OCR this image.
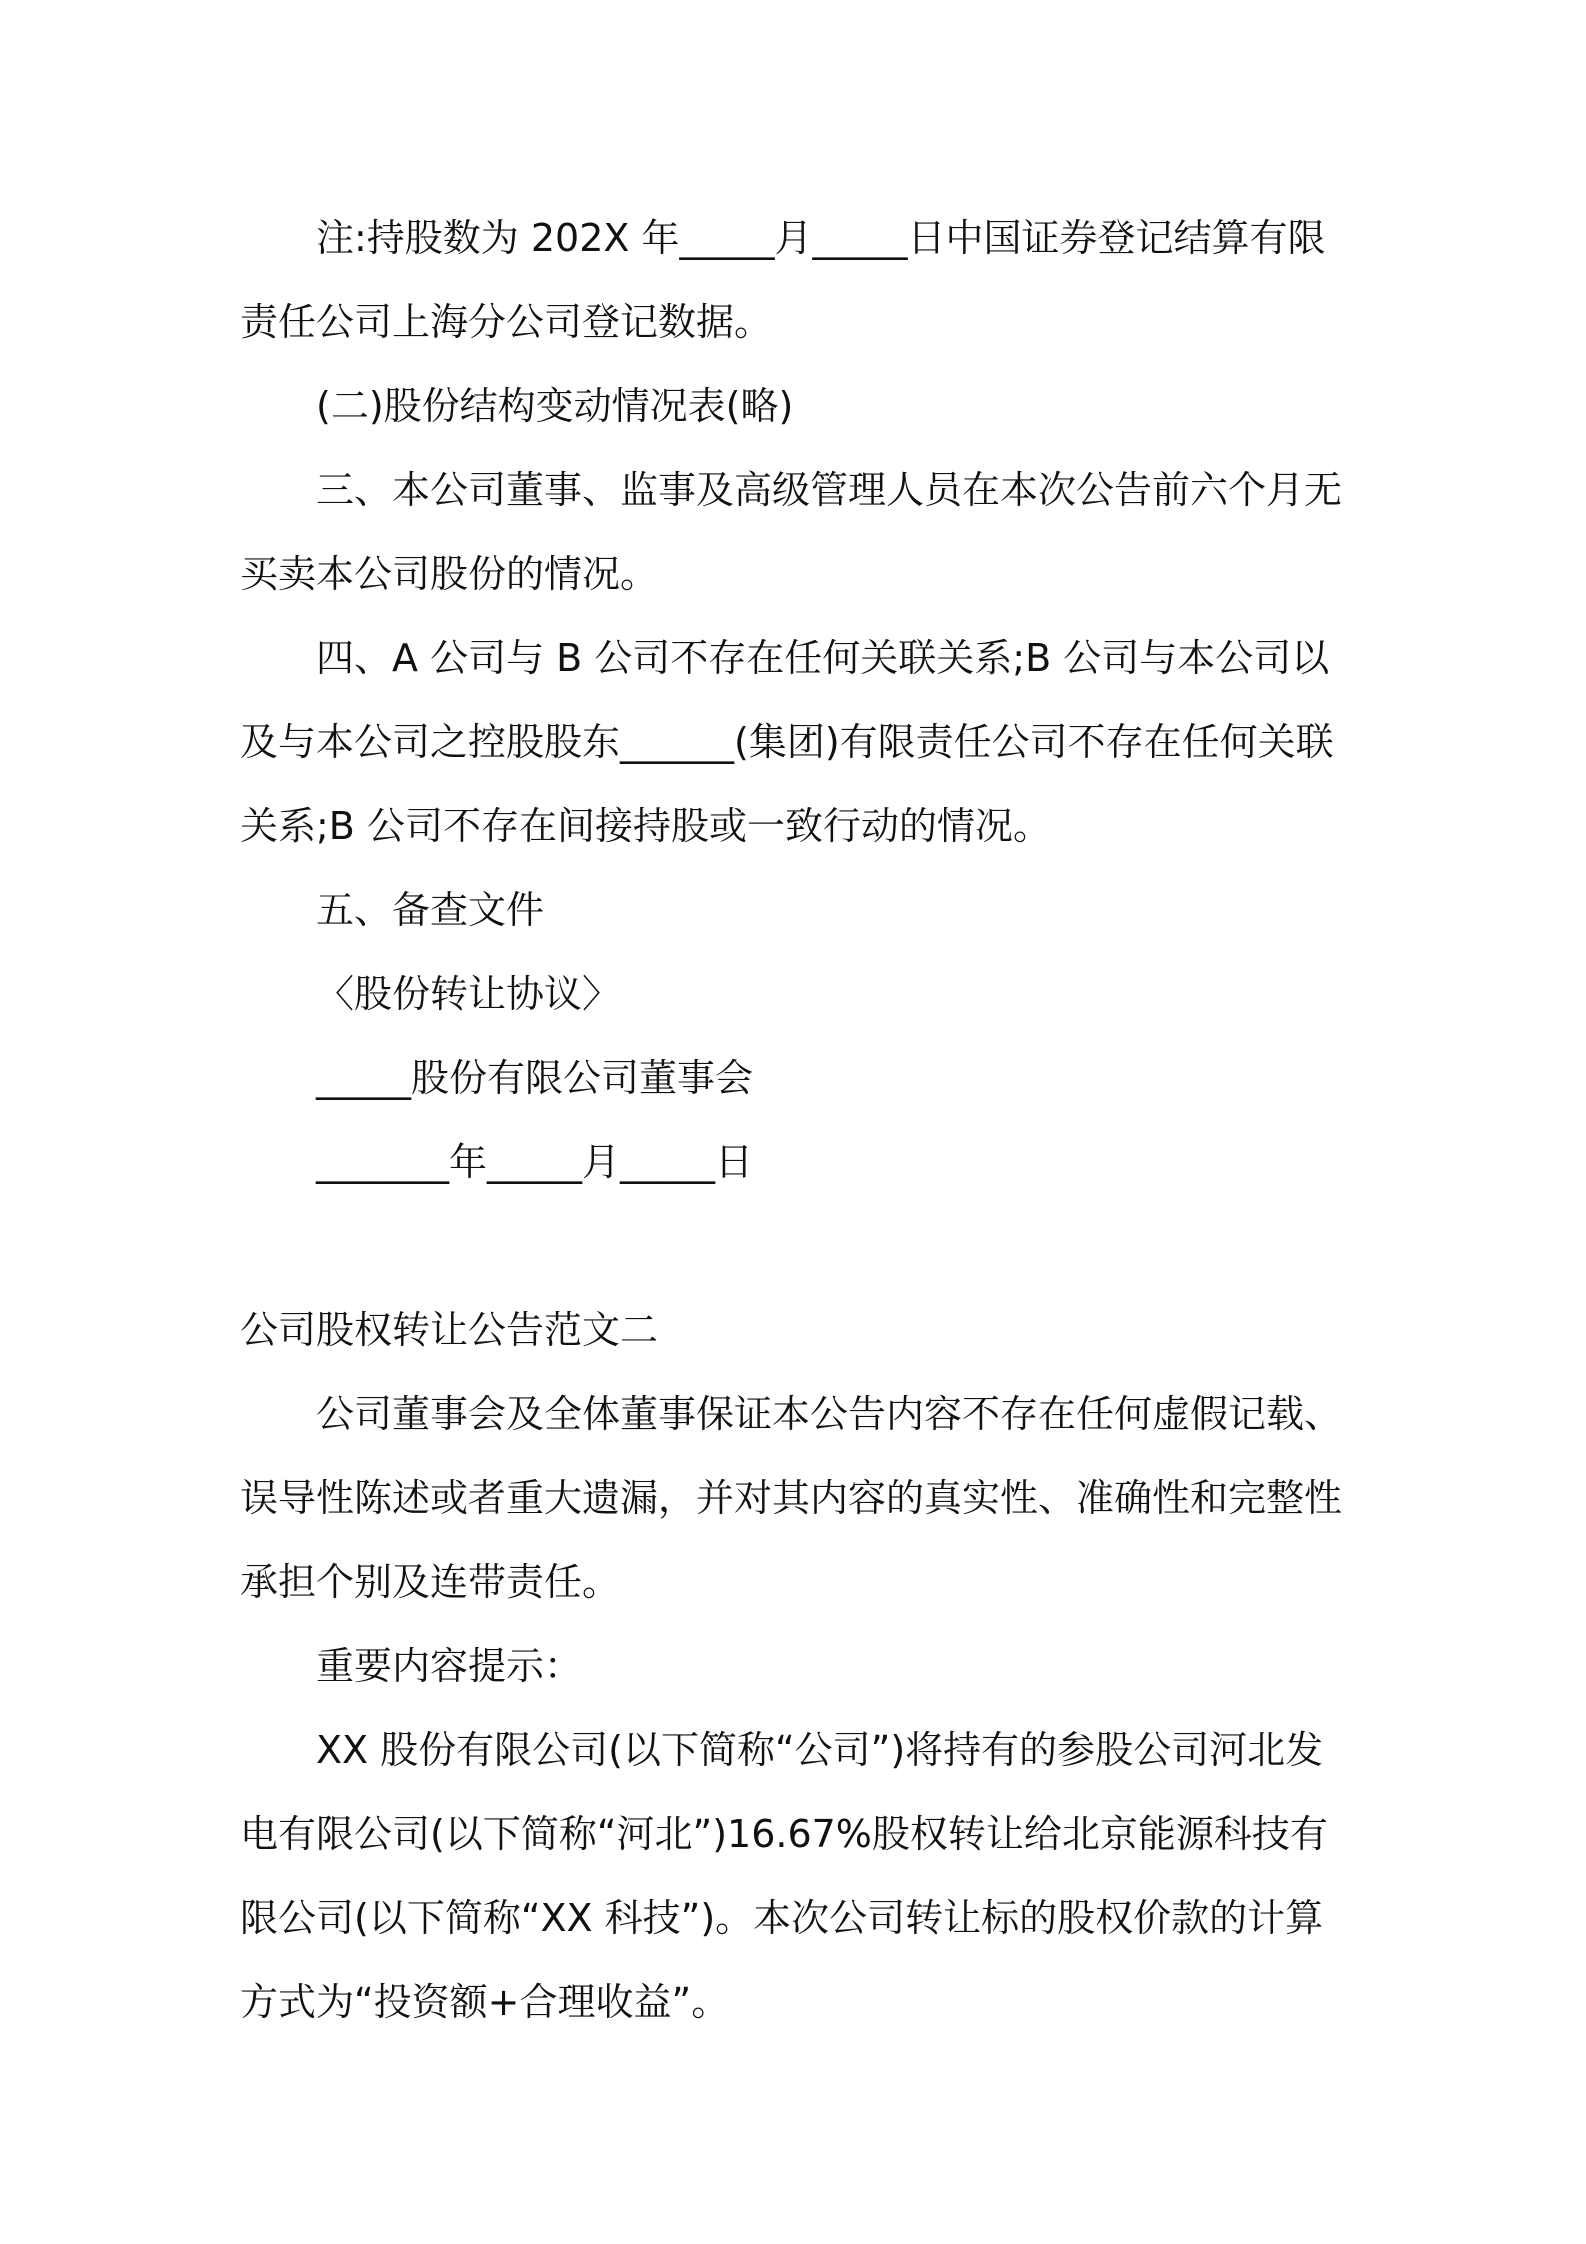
注:持股数为 202X 年_____月_____日中国证券登记结算有限责任公司上海分公司登记数据。

(二)股份结构变动情况表(略)

三、本公司董事、监事及高级管理人员在本次公告前六个月无买卖本公司股份的情况。

四、A 公司与 B 公司不存在任何关联关系;B 公司与本公司以及与本公司之控股股东______(集团)有限责任公司不存在任何关联关系;B 公司不存在间接持股或一致行动的情况。

五、备查文件

〈股份转让协议〉

_____股份有限公司董事会

_______年_____月_____日

公司股权转让公告范文二

公司董事会及全体董事保证本公告内容不存在任何虚假记载、误导性陈述或者重大遗漏，并对其内容的真实性、准确性和完整性承担个别及连带责任。

重要内容提示：

XX 股份有限公司(以下简称“公司”)将持有的参股公司河北发电有限公司(以下简称“河北”)16.67%股权转让给北京能源科技有限公司(以下简称“XX 科技”)。本次公司转让标的股权价款的计算方式为“投资额+合理收益”。
